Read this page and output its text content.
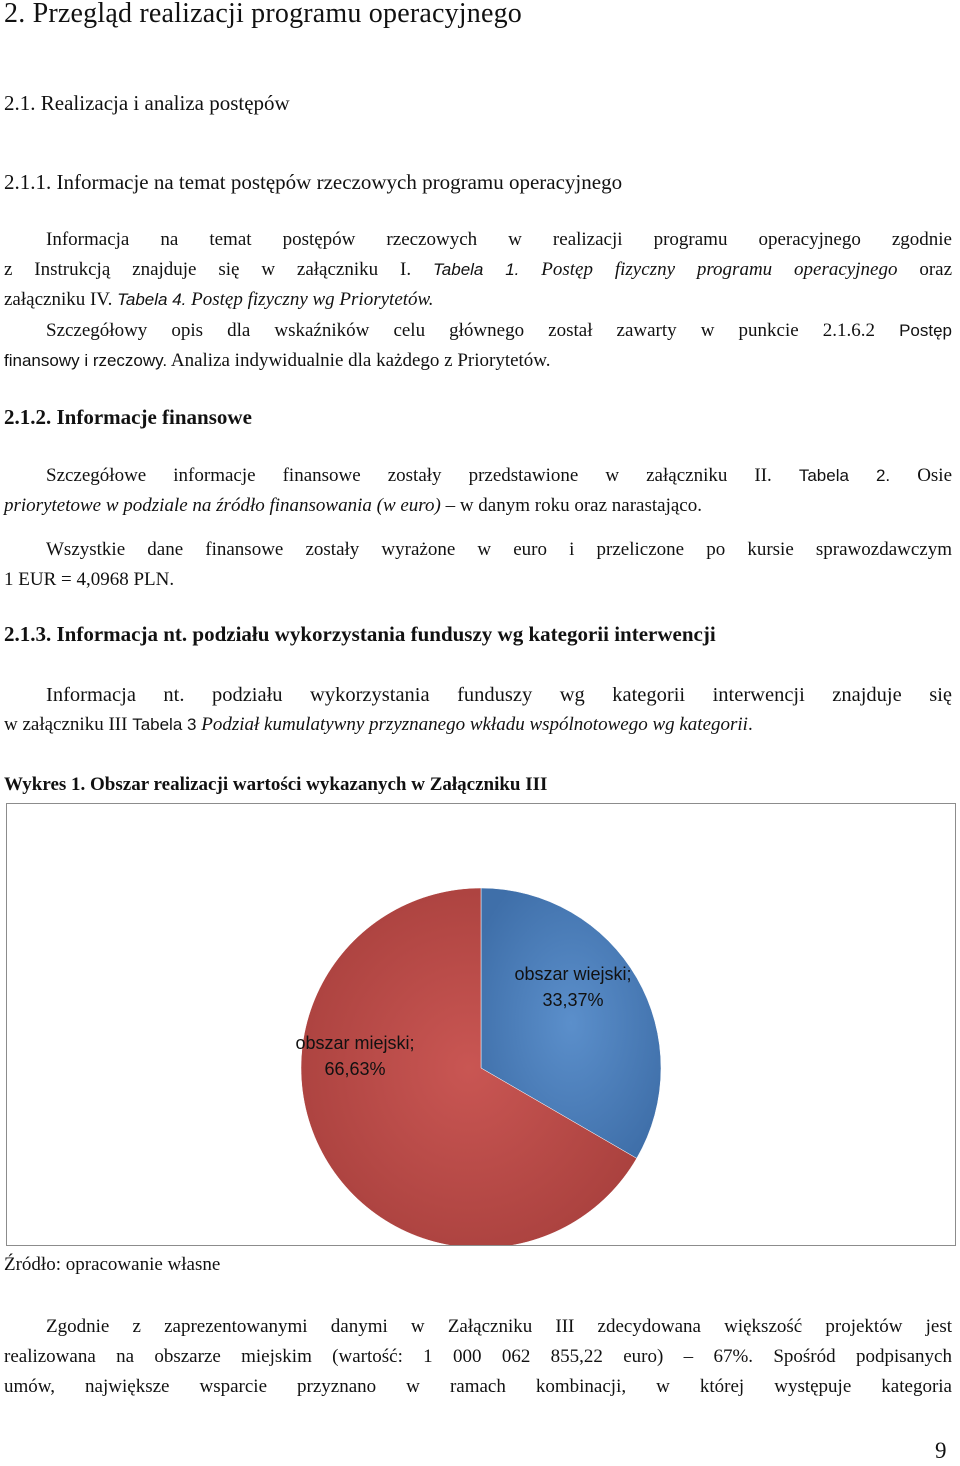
2. Przegląd realizacji programu operacyjnego
2.1. Realizacja i analiza postępów
2.1.1. Informacje na temat postępów rzeczowych programu operacyjnego
Informacja na temat postępów rzeczowych w realizacji programu operacyjnego zgodnie
z Instrukcją znajduje się w załączniku I. Tabela 1. Postęp fizyczny programu operacyjnego oraz
załączniku IV. Tabela 4. Postęp fizyczny wg Priorytetów.
Szczegółowy opis dla wskaźników celu głównego został zawarty w punkcie 2.1.6.2 Postęp
finansowy i rzeczowy. Analiza indywidualnie dla każdego z Priorytetów.
2.1.2. Informacje finansowe
Szczegółowe informacje finansowe zostały przedstawione w załączniku II. Tabela 2. Osie
priorytetowe w podziale na źródło finansowania (w euro) – w danym roku oraz narastająco.
Wszystkie dane finansowe zostały wyrażone w euro i przeliczone po kursie sprawozdawczym
1 EUR = 4,0968 PLN.
2.1.3. Informacja nt. podziału wykorzystania funduszy wg kategorii interwencji
Informacja nt. podziału wykorzystania funduszy wg kategorii interwencji znajduje się
w załączniku III Tabela 3 Podział kumulatywny przyznanego wkładu wspólnotowego wg kategorii.
Wykres 1. Obszar realizacji wartości wykazanych w Załączniku III
obszar wiejski;
33,37%
obszar miejski;
66,63%
Źródło: opracowanie własne
Zgodnie z zaprezentowanymi danymi w Załączniku III zdecydowana większość projektów jest
realizowana na obszarze miejskim (wartość: 1 000 062 855,22 euro) – 67%. Spośród podpisanych
umów, największe wsparcie przyznano w ramach kombinacji, w której występuje kategoria
9
